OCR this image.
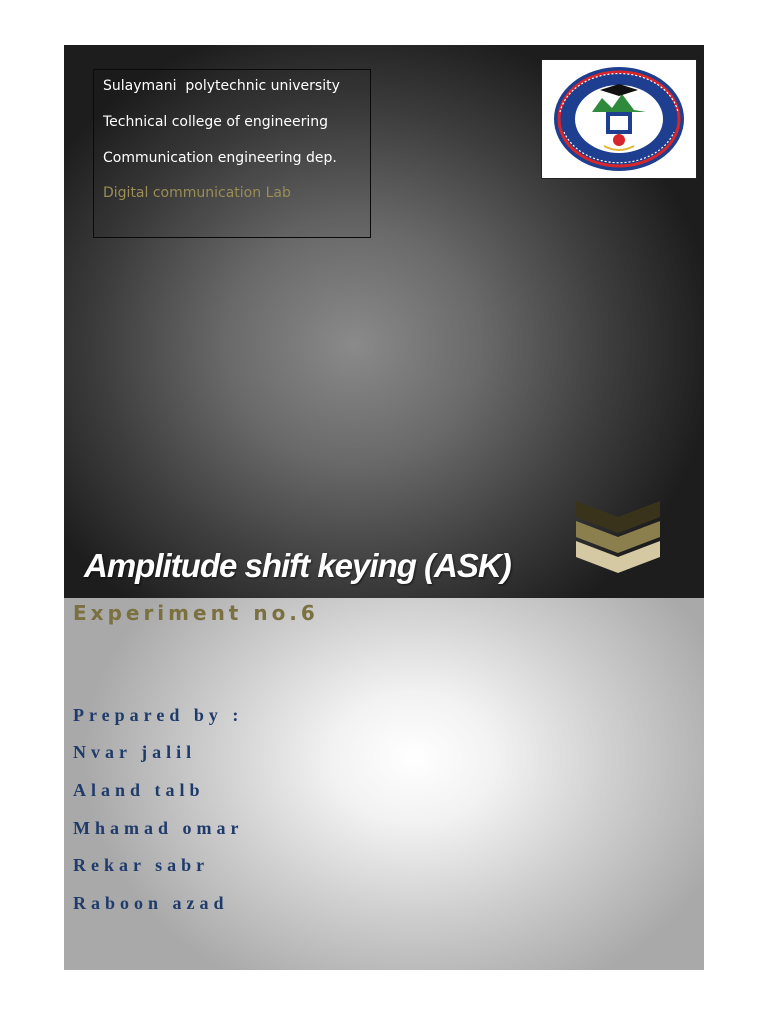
Sulaymani  polytechnic university
Technical college of engineering
Communication engineering dep.
Digital communication Lab
Amplitude shift keying (ASK)
Experiment no.6
Prepared by :
Nvar jalil
Aland talb
Mhamad omar
Rekar sabr
Raboon azad
